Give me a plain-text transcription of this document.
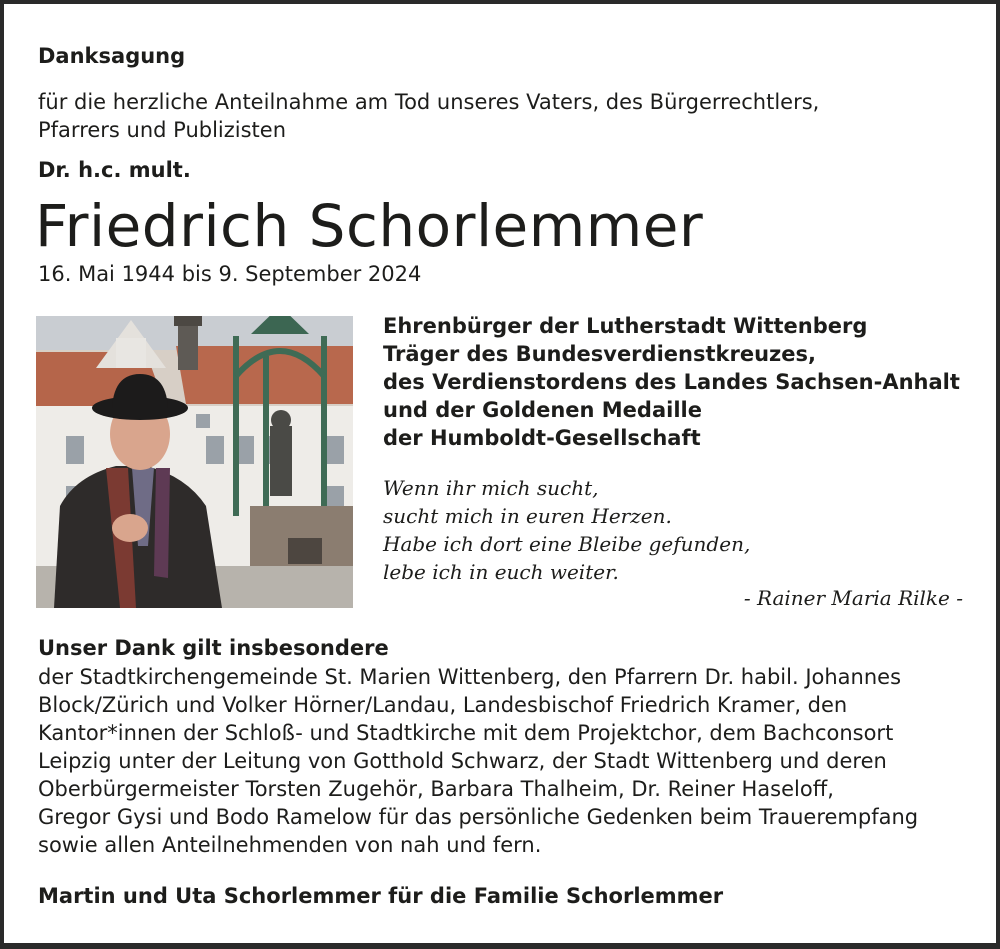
Danksagung
für die herzliche Anteilnahme am Tod unseres Vaters, des Bürgerrechtlers,
Pfarrers und Publizisten
Dr. h.c. mult.
Friedrich Schorlemmer
16. Mai 1944 bis 9. September 2024
Ehrenbürger der Lutherstadt Wittenberg
Träger des Bundesverdienstkreuzes,
des Verdienstordens des Landes Sachsen-Anhalt
und der Goldenen Medaille
der Humboldt-Gesellschaft
Wenn ihr mich sucht,
sucht mich in euren Herzen.
Habe ich dort eine Bleibe gefunden,
lebe ich in euch weiter.
- Rainer Maria Rilke -
Unser Dank gilt insbesondere
der Stadtkirchengemeinde St. Marien Wittenberg, den Pfarrern Dr. habil. Johannes
Block/Zürich und Volker Hörner/Landau, Landesbischof Friedrich Kramer, den
Kantor*innen der Schloß- und Stadtkirche mit dem Projektchor, dem Bachconsort
Leipzig unter der Leitung von Gotthold Schwarz, der Stadt Wittenberg und deren
Oberbürgermeister Torsten Zugehör, Barbara Thalheim, Dr. Reiner Haseloff,
Gregor Gysi und Bodo Ramelow für das persönliche Gedenken beim Trauerempfang
sowie allen Anteilnehmenden von nah und fern.
Martin und Uta Schorlemmer für die Familie Schorlemmer
